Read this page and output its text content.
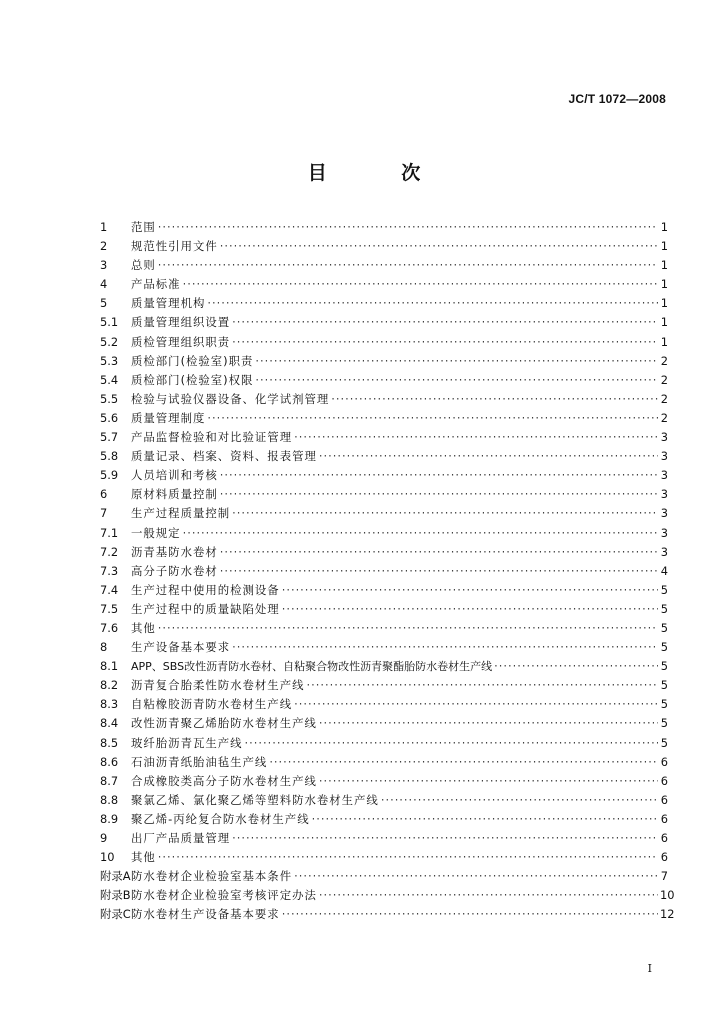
JC/T 1072—2008
目 次
1	范围 ·····	1
2	规范性引用文件 ·····	1
3	总则 ·····	1
4	产品标准 ·····	1
5	质量管理机构 ·····	1
5.1	质量管理组织设置 ·····	1
5.2	质检管理组织职责 ·····	1
5.3	质检部门(检验室)职责 ·····	2
5.4	质检部门(检验室)权限 ·····	2
5.5	检验与试验仪器设备、化学试剂管理 ·····	2
5.6	质量管理制度 ·····	2
5.7	产品监督检验和对比验证管理 ·····	3
5.8	质量记录、档案、资料、报表管理 ·····	3
5.9	人员培训和考核 ·····	3
6	原材料质量控制 ·····	3
7	生产过程质量控制 ·····	3
7.1	一般规定 ·····	3
7.2	沥青基防水卷材 ·····	3
7.3	高分子防水卷材 ·····	4
7.4	生产过程中使用的检测设备 ·····	5
7.5	生产过程中的质量缺陷处理 ·····	5
7.6	其他 ·····	5
8	生产设备基本要求 ·····	5
8.1	APP、SBS改性沥青防水卷材、自粘聚合物改性沥青聚酯胎防水卷材生产线 ·····	5
8.2	沥青复合胎柔性防水卷材生产线 ·····	5
8.3	自粘橡胶沥青防水卷材生产线 ·····	5
8.4	改性沥青聚乙烯胎防水卷材生产线 ·····	5
8.5	玻纤胎沥青瓦生产线 ·····	5
8.6	石油沥青纸胎油毡生产线 ·····	6
8.7	合成橡胶类高分子防水卷材生产线 ·····	6
8.8	聚氯乙烯、氯化聚乙烯等塑料防水卷材生产线 ·····	6
8.9	聚乙烯-丙纶复合防水卷材生产线 ·····	6
9	出厂产品质量管理 ·····	6
10	其他 ·····	6
附录A 防水卷材企业检验室基本条件 ·····	7
附录B 防水卷材企业检验室考核评定办法 ·····	10
附录C 防水卷材生产设备基本要求 ·····	12
I
